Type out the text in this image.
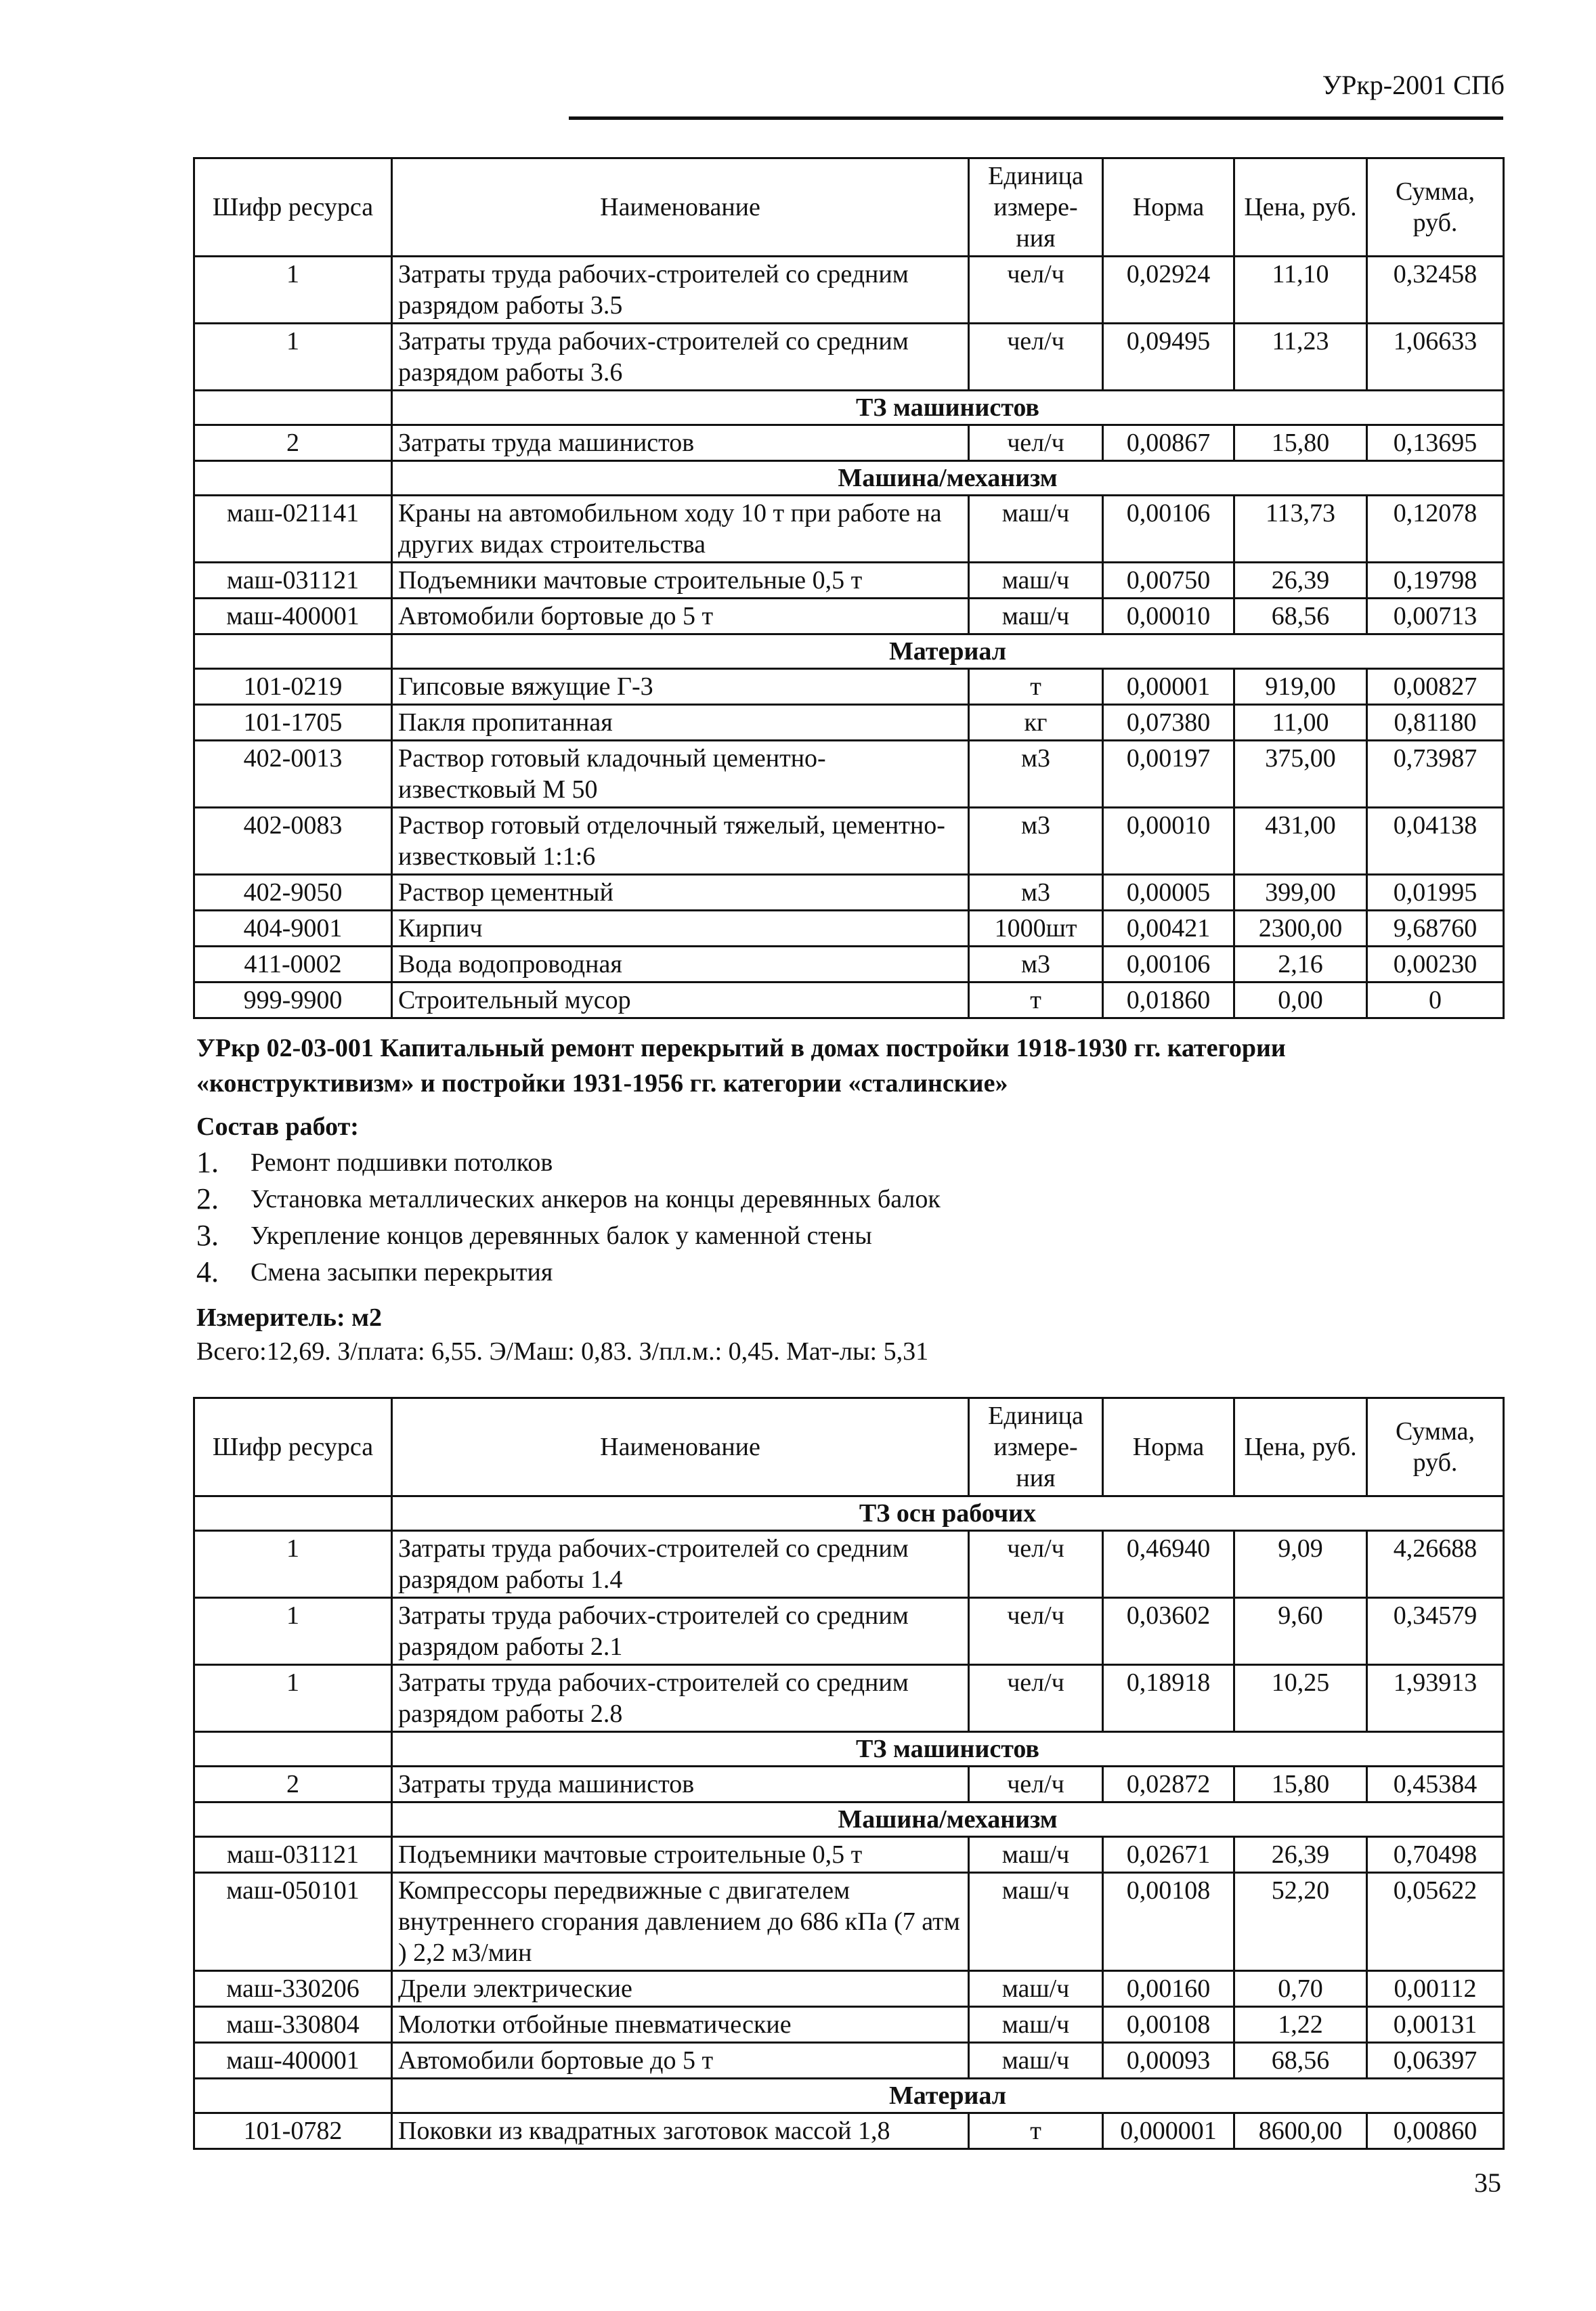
УРкр-2001 СПб
Шифр ресурса	Наименование	Единица измере-ния	Норма	Цена, руб.	Сумма, руб.
1	Затраты труда рабочих-строителей со средним разрядом работы 3.5	чел/ч	0,02924	11,10	0,32458
1	Затраты труда рабочих-строителей со средним разрядом работы 3.6	чел/ч	0,09495	11,23	1,06633
	ТЗ машинистов				
2	Затраты труда машинистов	чел/ч	0,00867	15,80	0,13695
	Машина/механизм				
маш-021141	Краны на автомобильном ходу 10 т при работе на других видах строительства	маш/ч	0,00106	113,73	0,12078
маш-031121	Подъемники мачтовые строительные 0,5 т	маш/ч	0,00750	26,39	0,19798
маш-400001	Автомобили бортовые до 5 т	маш/ч	0,00010	68,56	0,00713
	Материал				
101-0219	Гипсовые вяжущие Г-3	т	0,00001	919,00	0,00827
101-1705	Пакля пропитанная	кг	0,07380	11,00	0,81180
402-0013	Раствор готовый кладочный цементно-известковый М 50	м3	0,00197	375,00	0,73987
402-0083	Раствор готовый отделочный тяжелый, цементно-известковый 1:1:6	м3	0,00010	431,00	0,04138
402-9050	Раствор цементный	м3	0,00005	399,00	0,01995
404-9001	Кирпич	1000шт	0,00421	2300,00	9,68760
411-0002	Вода водопроводная	м3	0,00106	2,16	0,00230
999-9900	Строительный мусор	т	0,01860	0,00	0
УРкр 02-03-001 Капитальный ремонт перекрытий в домах постройки 1918-1930 гг. категории «конструктивизм» и постройки 1931-1956 гг. категории «сталинские»
Состав работ:
1.	Ремонт подшивки потолков
2.	Установка металлических анкеров на концы деревянных балок
3.	Укрепление концов деревянных балок у каменной стены
4.	Смена засыпки перекрытия
Измеритель: м2
Всего:12,69. З/плата: 6,55. Э/Маш: 0,83. З/пл.м.: 0,45. Мат-лы: 5,31
Шифр ресурса	Наименование	Единица измере-ния	Норма	Цена, руб.	Сумма, руб.
	ТЗ осн рабочих				
1	Затраты труда рабочих-строителей со средним разрядом работы 1.4	чел/ч	0,46940	9,09	4,26688
1	Затраты труда рабочих-строителей со средним разрядом работы 2.1	чел/ч	0,03602	9,60	0,34579
1	Затраты труда рабочих-строителей со средним разрядом работы 2.8	чел/ч	0,18918	10,25	1,93913
	ТЗ машинистов				
2	Затраты труда машинистов	чел/ч	0,02872	15,80	0,45384
	Машина/механизм				
маш-031121	Подъемники мачтовые строительные 0,5 т	маш/ч	0,02671	26,39	0,70498
маш-050101	Компрессоры передвижные с двигателем внутреннего сгорания давлением до 686 кПа (7 атм ) 2,2 м3/мин	маш/ч	0,00108	52,20	0,05622
маш-330206	Дрели электрические	маш/ч	0,00160	0,70	0,00112
маш-330804	Молотки отбойные пневматические	маш/ч	0,00108	1,22	0,00131
маш-400001	Автомобили бортовые до 5 т	маш/ч	0,00093	68,56	0,06397
	Материал				
101-0782	Поковки из квадратных заготовок массой 1,8	т	0,000001	8600,00	0,00860
35
